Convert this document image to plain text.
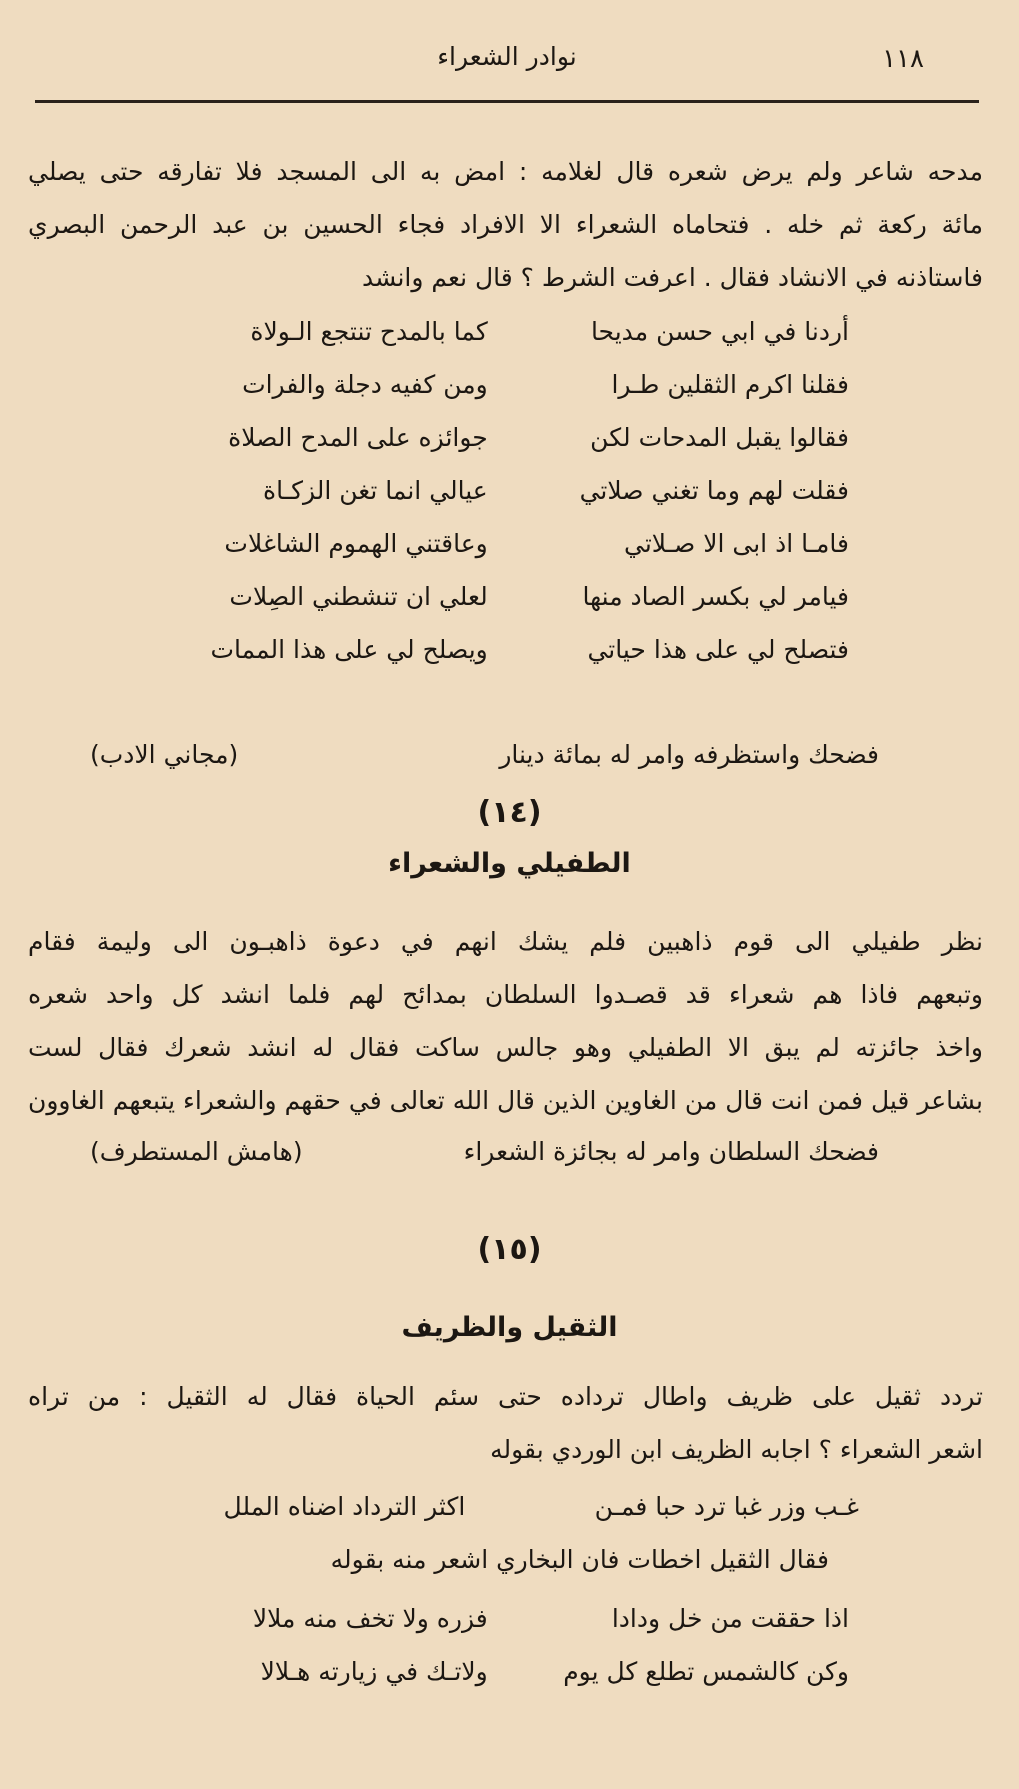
١١٨
نوادر الشعراء
مدحه شاعر ولم يرض شعره قال لغلامه : امض به الى المسجد فلا تفارقه حتى يصلي
مائة ركعة ثم خله . فتحاماه الشعراء الا الافراد فجاء الحسين بن عبد الرحمن البصري
فاستاذنه في الانشاد فقال . اعرفت الشرط ؟ قال نعم وانشد
أردنا في ابي حسن مديحا
كما بالمدح تنتجع الـولاة
فقلنا اكرم الثقلين طـرا
ومن كفيه دجلة والفرات
فقالوا يقبل المدحات لكن
جوائزه على المدح الصلاة
فقلت لهم وما تغني صلاتي
عيالي انما تغن الزكـاة
فامـا اذ ابى الا صـلاتي
وعاقتني الهموم الشاغلات
فيامر لي بكسر الصاد منها
لعلي ان تنشطني الصِلات
فتصلح لي على هذا حياتي
ويصلح لي على هذا الممات
فضحك واستظرفه وامر له بمائة دينار
(مجاني الادب)
(١٤)
الطفيلي والشعراء
نظر طفيلي الى قوم ذاهبين فلم يشك انهم في دعوة ذاهبـون الى وليمة فقام
وتبعهم فاذا هم شعراء قد قصـدوا السلطان بمدائح لهم فلما انشد كل واحد شعره
واخذ جائزته لم يبق الا الطفيلي وهو جالس ساكت فقال له انشد شعرك فقال لست
بشاعر قيل فمن انت قال من الغاوين الذين قال الله تعالى في حقهم والشعراء يتبعهم الغاوون
فضحك السلطان وامر له بجائزة الشعراء
(هامش المستطرف)
(١٥)
الثقيل والظريف
تردد ثقيل على ظريف واطال ترداده حتى سئم الحياة فقال له الثقيل : من تراه
اشعر الشعراء ؟ اجابه الظريف ابن الوردي بقوله
غـب وزر غبا ترد حبا فمـن
اكثر الترداد اضناه الملل
فقال الثقيل اخطات فان البخاري اشعر منه بقوله
اذا حققت من خل ودادا
فزره ولا تخف منه ملالا
وكن كالشمس تطلع كل يوم
ولاتـك في زيارته هـلالا
